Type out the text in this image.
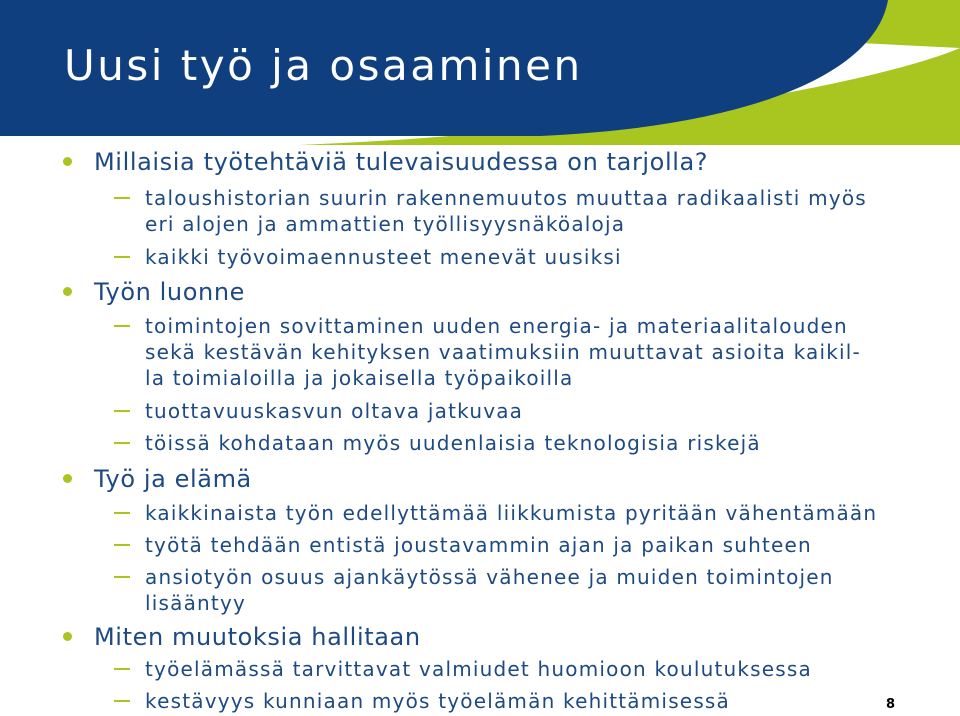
Uusi työ ja osaaminen

Millaisia työtehtäviä tulevaisuudessa on tarjolla?

taloushistorian suurin rakennemuutos muuttaa radikaalisti myös

eri alojen ja ammattien työllisyysnäköaloja

kaikki työvoimaennusteet menevät uusiksi

Työn luonne

toimintojen sovittaminen uuden energia- ja materiaalitalouden

sekä kestävän kehityksen vaatimuksiin muuttavat asioita kaikil-

la toimialoilla ja jokaisella työpaikoilla

tuottavuuskasvun oltava jatkuvaa

töissä kohdataan myös uudenlaisia teknologisia riskejä

Työ ja elämä

kaikkinaista työn edellyttämää liikkumista pyritään vähentämään

työtä tehdään entistä joustavammin ajan ja paikan suhteen

ansiotyön osuus ajankäytössä vähenee ja muiden toimintojen

lisääntyy

Miten muutoksia hallitaan

työelämässä tarvittavat valmiudet huomioon koulutuksessa

kestävyys kunniaan myös työelämän kehittämisessä	8
